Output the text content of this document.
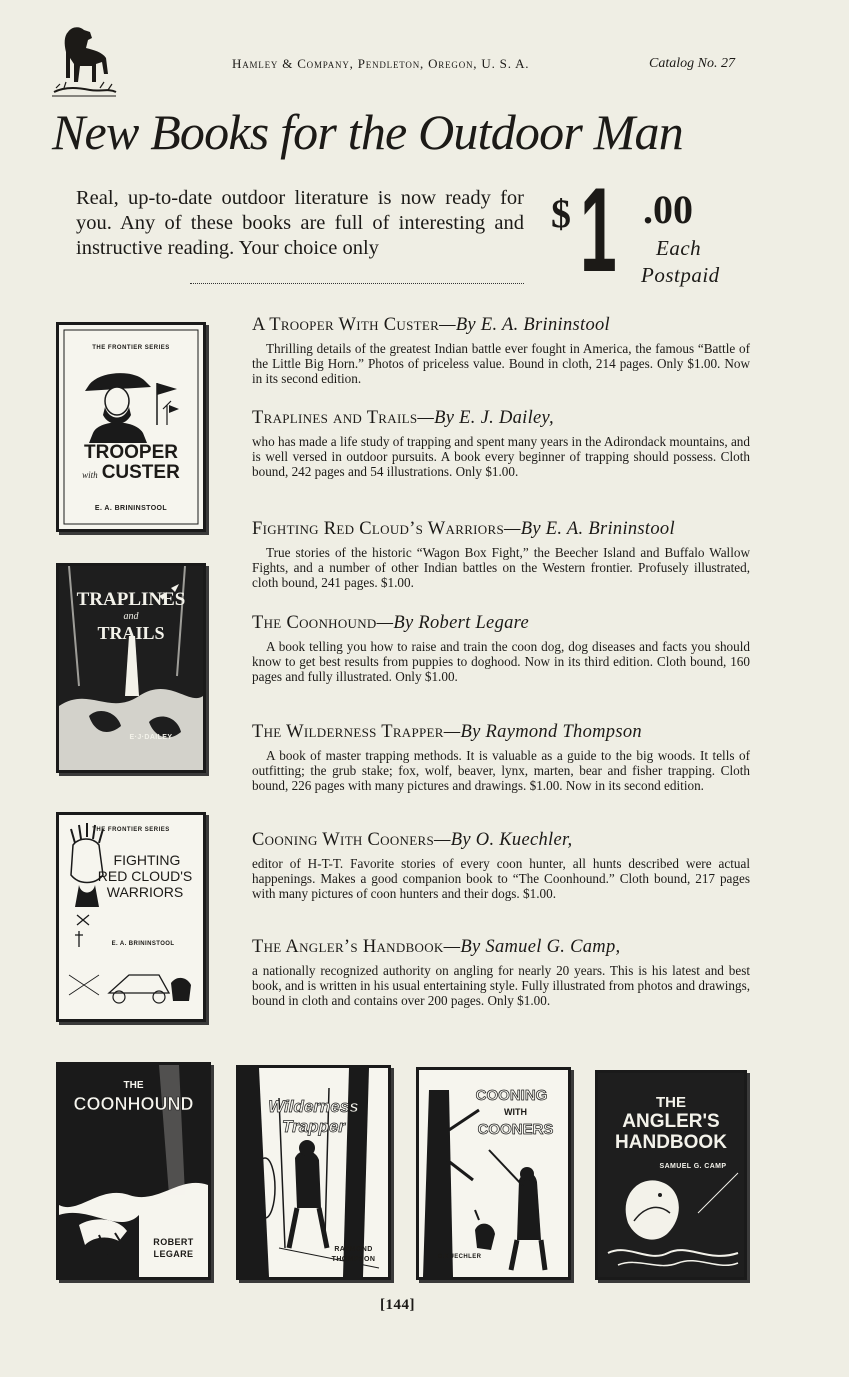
Hamley & Company, Pendleton, Oregon, U. S. A.	Catalog No. 27
New Books for the Outdoor Man
Real, up-to-date outdoor literature is now ready for you. Any of these books are full of interesting and instructive reading. Your choice only
$ 1 .00
Each
Postpaid
A Trooper With Custer—By E. A. Brininstool
Thrilling details of the greatest Indian battle ever fought in America, the famous “Battle of the Little Big Horn.” Photos of priceless value. Bound in cloth, 214 pages. Only $1.00. Now in its second edition.
Traplines and Trails—By E. J. Dailey,
who has made a life study of trapping and spent many years in the Adirondack mountains, and is well versed in outdoor pursuits. A book every beginner of trapping should possess. Cloth bound, 242 pages and 54 illustrations. Only $1.00.
Fighting Red Cloud’s Warriors—By E. A. Brininstool
True stories of the historic “Wagon Box Fight,” the Beecher Island and Buffalo Wallow Fights, and a number of other Indian battles on the Western frontier. Profusely illustrated, cloth bound, 241 pages. $1.00.
The Coonhound—By Robert Legare
A book telling you how to raise and train the coon dog, dog diseases and facts you should know to get best results from puppies to doghood. Now in its third edition. Cloth bound, 160 pages and fully illustrated. Only $1.00.
The Wilderness Trapper—By Raymond Thompson
A book of master trapping methods. It is valuable as a guide to the big woods. It tells of outfitting; the grub stake; fox, wolf, beaver, lynx, marten, bear and fisher trapping. Cloth bound, 226 pages with many pictures and drawings. $1.00. Now in its second edition.
Cooning With Cooners—By O. Kuechler,
editor of H-T-T. Favorite stories of every coon hunter, all hunts described were actual happenings. Makes a good companion book to “The Coonhound.” Cloth bound, 217 pages with many pictures of coon hunters and their dogs. $1.00.
The Angler’s Handbook—By Samuel G. Camp,
a nationally recognized authority on angling for nearly 20 years. This is his latest and best book, and is written in his usual entertaining style. Fully illustrated from photos and drawings, bound in cloth and contains over 200 pages. Only $1.00.
THE FRONTIER SERIES
TROOPER
with CUSTER
E. A. BRININSTOOL
TRAPLINES
and
TRAILS
E·J·DAILEY
THE FRONTIER SERIES
FIGHTING
RED CLOUD'S
WARRIORS
E. A. BRININSTOOL
THE
COONHOUND
ROBERT
LEGARE
Wilderness
Trapper
RAYMOND
THOMPSON
COONING
WITH
COONERS
O.KUECHLER
THE
ANGLER'S
HANDBOOK
SAMUEL G. CAMP
[144]
